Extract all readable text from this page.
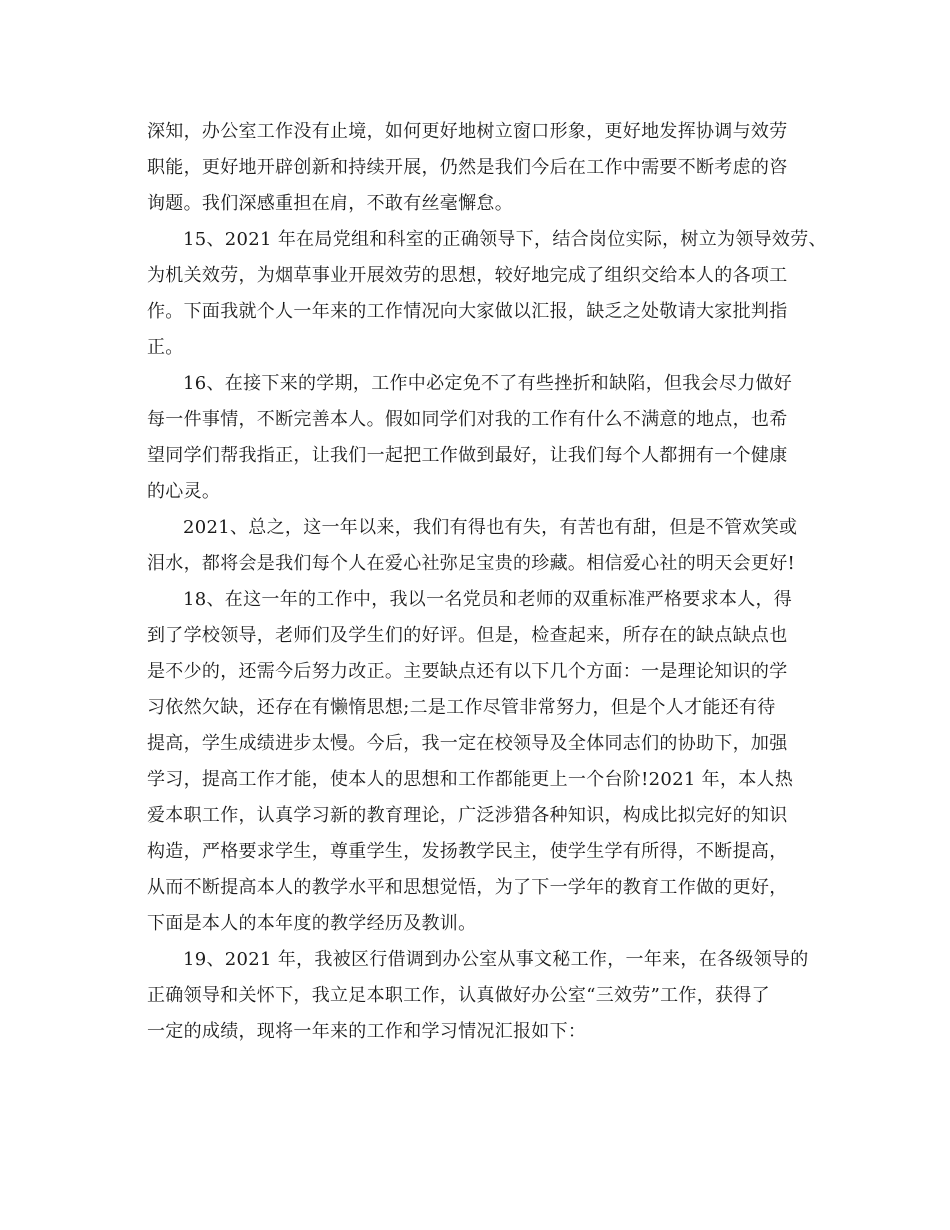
深知，办公室工作没有止境，如何更好地树立窗口形象，更好地发挥协调与效劳
职能，更好地开辟创新和持续开展，仍然是我们今后在工作中需要不断考虑的咨
询题。我们深感重担在肩，不敢有丝毫懈怠。
15、2021 年在局党组和科室的正确领导下，结合岗位实际，树立为领导效劳、
为机关效劳，为烟草事业开展效劳的思想，较好地完成了组织交给本人的各项工
作。下面我就个人一年来的工作情况向大家做以汇报，缺乏之处敬请大家批判指
正。
16、在接下来的学期，工作中必定免不了有些挫折和缺陷，但我会尽力做好
每一件事情，不断完善本人。假如同学们对我的工作有什么不满意的地点，也希
望同学们帮我指正，让我们一起把工作做到最好，让我们每个人都拥有一个健康
的心灵。
2021、总之，这一年以来，我们有得也有失，有苦也有甜，但是不管欢笑或
泪水，都将会是我们每个人在爱心社弥足宝贵的珍藏。相信爱心社的明天会更好!
18、在这一年的工作中，我以一名党员和老师的双重标准严格要求本人，得
到了学校领导，老师们及学生们的好评。但是，检查起来，所存在的缺点缺点也
是不少的，还需今后努力改正。主要缺点还有以下几个方面：一是理论知识的学
习依然欠缺，还存在有懒惰思想;二是工作尽管非常努力，但是个人才能还有待
提高，学生成绩进步太慢。今后，我一定在校领导及全体同志们的协助下，加强
学习，提高工作才能，使本人的思想和工作都能更上一个台阶!2021 年，本人热
爱本职工作，认真学习新的教育理论，广泛涉猎各种知识，构成比拟完好的知识
构造，严格要求学生，尊重学生，发扬教学民主，使学生学有所得，不断提高，
从而不断提高本人的教学水平和思想觉悟，为了下一学年的教育工作做的更好，
下面是本人的本年度的教学经历及教训。
19、2021 年，我被区行借调到办公室从事文秘工作，一年来，在各级领导的
正确领导和关怀下，我立足本职工作，认真做好办公室“三效劳”工作，获得了
一定的成绩，现将一年来的工作和学习情况汇报如下：
